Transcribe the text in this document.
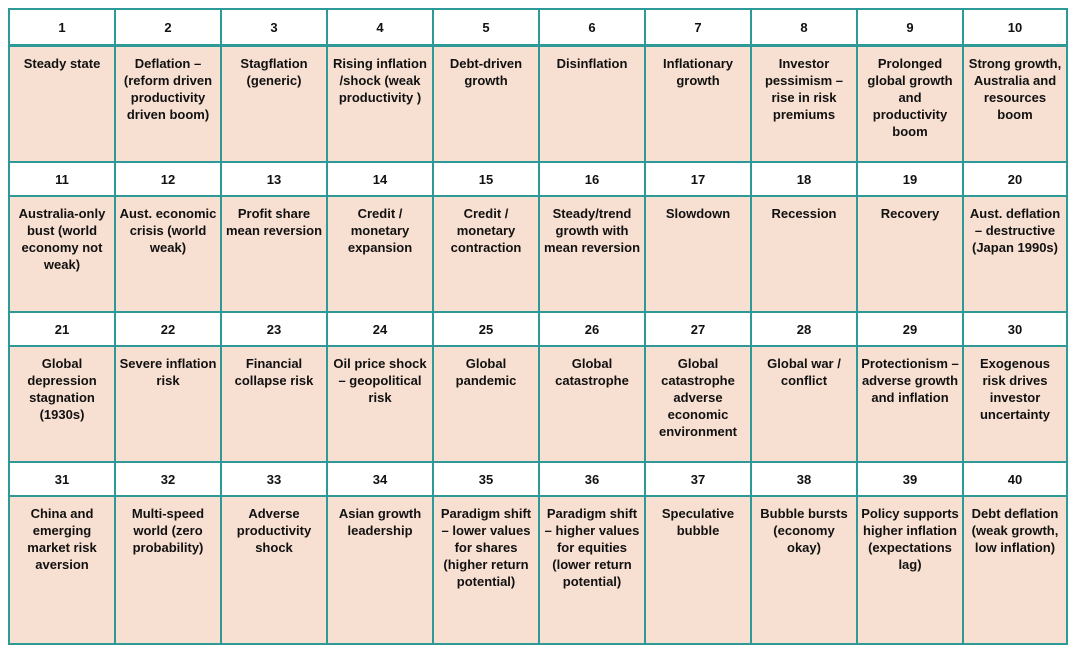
1	2	3	4	5	6	7	8	9	10
Steady state	Deflation – (reform driven productivity driven boom)	Stagflation (generic)	Rising inflation /shock (weak productivity )	Debt-driven growth	Disinflation	Inflationary growth	Investor pessimism –rise in risk premiums	Prolonged global growth and productivity boom	Strong growth, Australia and resources boom
11	12	13	14	15	16	17	18	19	20
Australia-only bust (world economy not weak)	Aust. economic crisis (world weak)	Profit share mean reversion	Credit / monetary expansion	Credit / monetary contraction	Steady/trend growth with mean reversion	Slowdown	Recession	Recovery	Aust. deflation – destructive (Japan 1990s)
21	22	23	24	25	26	27	28	29	30
Global depression stagnation (1930s)	Severe inflation risk	Financial collapse risk	Oil price shock – geopolitical risk	Global pandemic	Global catastrophe	Global catastrophe adverse economic environment	Global war / conflict	Protectionism – adverse growth and inflation	Exogenous risk drives investor uncertainty
31	32	33	34	35	36	37	38	39	40
China and emerging market risk aversion	Multi-speed world (zero probability)	Adverse productivity shock	Asian growth leadership	Paradigm shift – lower values for shares (higher return potential)	Paradigm shift – higher values for equities (lower return potential)	Speculative bubble	Bubble bursts (economy okay)	Policy supports higher inflation (expectations lag)	Debt deflation (weak growth, low inflation)
